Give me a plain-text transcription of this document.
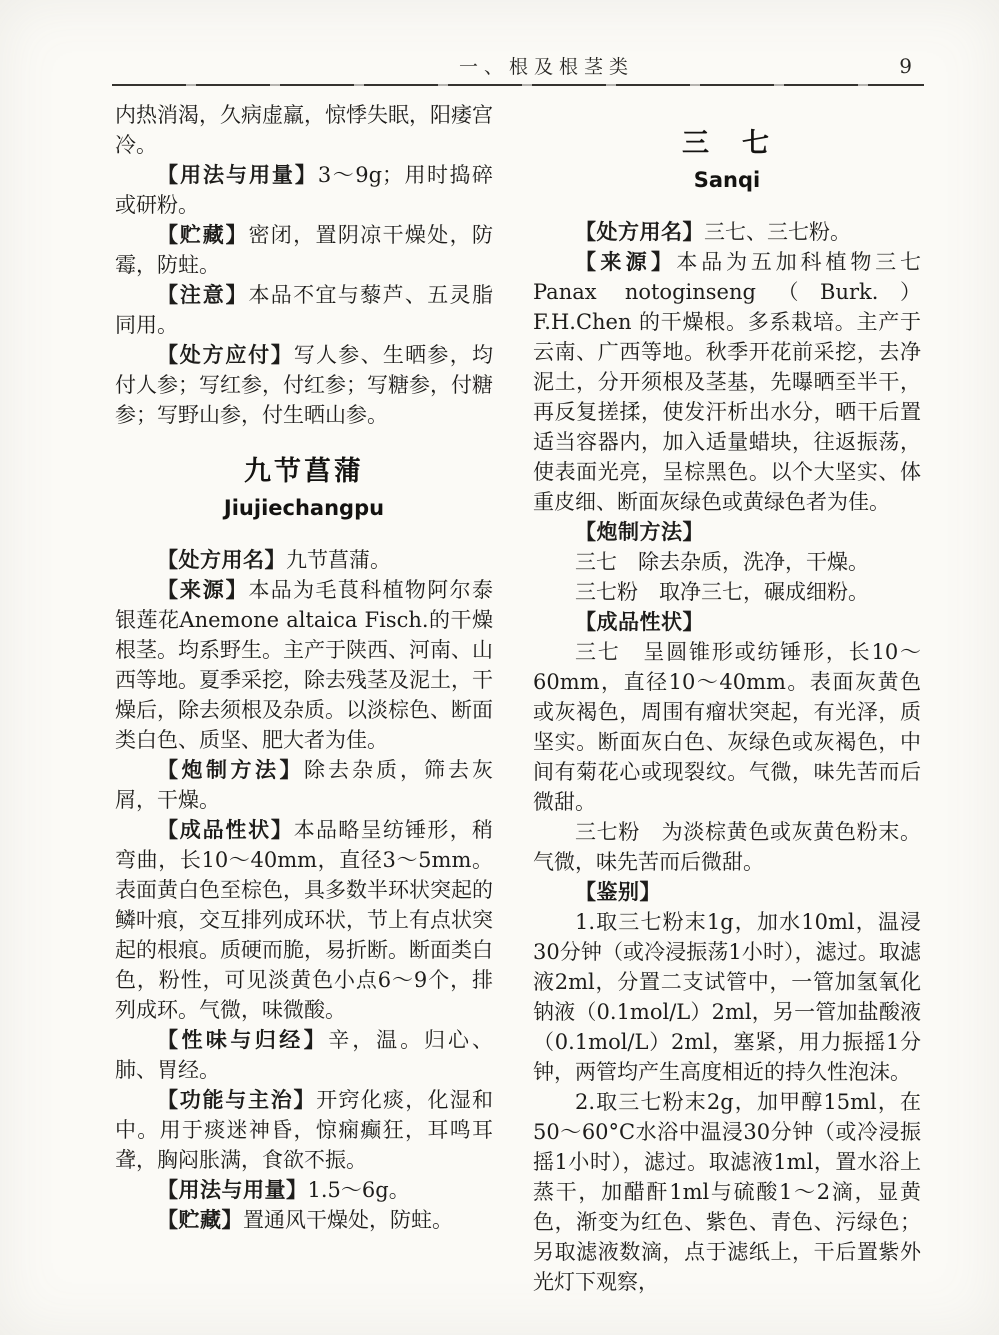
一、根及根茎类	9

内热消渴，久病虚羸，惊悸失眠，阳痿宫冷。

【用法与用量】3～9g；用时捣碎或研粉。

【贮藏】密闭，置阴凉干燥处，防霉，防蛀。

【注意】本品不宜与藜芦、五灵脂同用。

【处方应付】写人参、生晒参，均付人参；写红参，付红参；写糖参，付糖参；写野山参，付生晒山参。

九节菖蒲
Jiujiechangpu

【处方用名】九节菖蒲。

【来源】本品为毛茛科植物阿尔泰银莲花Anemone altaica Fisch.的干燥根茎。均系野生。主产于陕西、河南、山西等地。夏季采挖，除去残茎及泥土，干燥后，除去须根及杂质。以淡棕色、断面类白色、质坚、肥大者为佳。

【炮制方法】除去杂质，筛去灰屑，干燥。

【成品性状】本品略呈纺锤形，稍弯曲，长10～40mm，直径3～5mm。表面黄白色至棕色，具多数半环状突起的鳞叶痕，交互排列成环状，节上有点状突起的根痕。质硬而脆，易折断。断面类白色，粉性，可见淡黄色小点6～9个，排列成环。气微，味微酸。

【性味与归经】辛，温。归心、肺、胃经。

【功能与主治】开窍化痰，化湿和中。用于痰迷神昏，惊痫癫狂，耳鸣耳聋，胸闷胀满，食欲不振。

【用法与用量】1.5～6g。

【贮藏】置通风干燥处，防蛀。

三　七
Sanqi

【处方用名】三七、三七粉。

【来源】本品为五加科植物三七Panax notoginseng（Burk.）F.H.Chen 的干燥根。多系栽培。主产于云南、广西等地。秋季开花前采挖，去净泥土，分开须根及茎基，先曝晒至半干，再反复搓揉，使发汗析出水分，晒干后置适当容器内，加入适量蜡块，往返振荡，使表面光亮，呈棕黑色。以个大坚实、体重皮细、断面灰绿色或黄绿色者为佳。

【炮制方法】

三七　除去杂质，洗净，干燥。

三七粉　取净三七，碾成细粉。

【成品性状】

三七　呈圆锥形或纺锤形，长10～60mm，直径10～40mm。表面灰黄色或灰褐色，周围有瘤状突起，有光泽，质坚实。断面灰白色、灰绿色或灰褐色，中间有菊花心或现裂纹。气微，味先苦而后微甜。

三七粉　为淡棕黄色或灰黄色粉末。气微，味先苦而后微甜。

【鉴别】

1.取三七粉末1g，加水10ml，温浸30分钟（或冷浸振荡1小时），滤过。取滤液2ml，分置二支试管中，一管加氢氧化钠液（0.1mol/L）2ml，另一管加盐酸液（0.1mol/L）2ml，塞紧，用力振摇1分钟，两管均产生高度相近的持久性泡沫。

2.取三七粉末2g，加甲醇15ml，在50～60°C水浴中温浸30分钟（或冷浸振摇1小时），滤过。取滤液1ml，置水浴上蒸干，加醋酐1ml与硫酸1～2滴，显黄色，渐变为红色、紫色、青色、污绿色；另取滤液数滴，点于滤纸上，干后置紫外光灯下观察，
